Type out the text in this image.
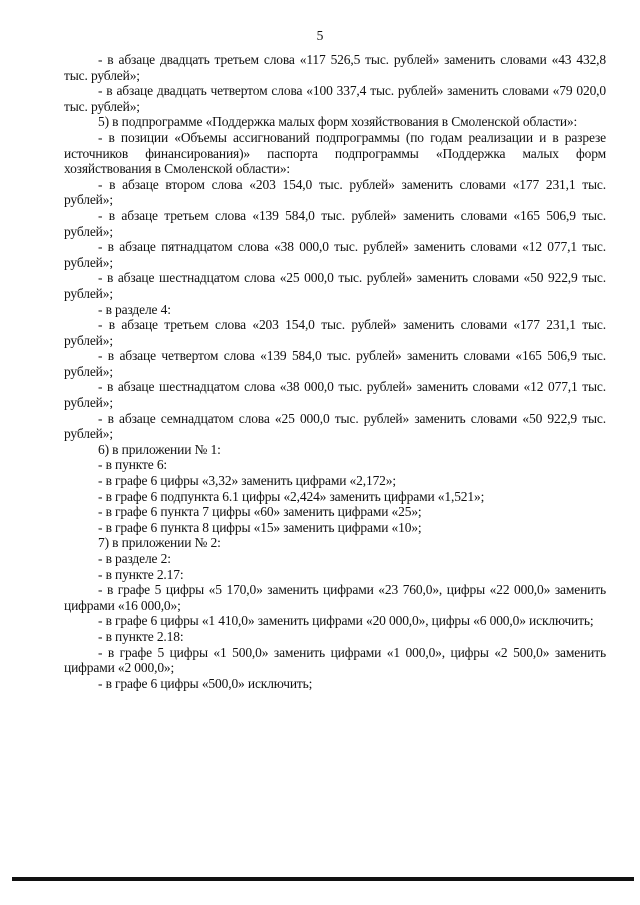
5

- в абзаце двадцать третьем слова «117 526,5 тыс. рублей» заменить словами «43 432,8 тыс. рублей»;

- в абзаце двадцать четвертом слова «100 337,4 тыс. рублей» заменить словами «79 020,0 тыс. рублей»;

5) в подпрограмме «Поддержка малых форм хозяйствования в Смоленской области»:

- в позиции «Объемы ассигнований подпрограммы (по годам реализации и в разрезе источников финансирования)» паспорта подпрограммы «Поддержка малых форм хозяйствования в Смоленской области»:

- в абзаце втором слова «203 154,0 тыс. рублей» заменить словами «177 231,1 тыс. рублей»;

- в абзаце третьем слова «139 584,0 тыс. рублей» заменить словами «165 506,9 тыс. рублей»;

- в абзаце пятнадцатом слова «38 000,0 тыс. рублей» заменить словами «12 077,1 тыс. рублей»;

- в абзаце шестнадцатом слова «25 000,0 тыс. рублей» заменить словами «50 922,9 тыс. рублей»;

- в разделе 4:

- в абзаце третьем слова «203 154,0 тыс. рублей» заменить словами «177 231,1 тыс. рублей»;

- в абзаце четвертом слова «139 584,0 тыс. рублей» заменить словами «165 506,9 тыс. рублей»;

- в абзаце шестнадцатом слова «38 000,0 тыс. рублей» заменить словами «12 077,1 тыс. рублей»;

- в абзаце семнадцатом слова «25 000,0 тыс. рублей» заменить словами «50 922,9 тыс. рублей»;

6) в приложении № 1:

- в пункте 6:

- в графе 6 цифры «3,32» заменить цифрами «2,172»;

- в графе 6 подпункта 6.1 цифры «2,424» заменить цифрами «1,521»;

- в графе 6 пункта 7 цифры «60» заменить цифрами «25»;

- в графе 6 пункта 8 цифры «15» заменить цифрами «10»;

7) в приложении № 2:

- в разделе 2:

- в пункте 2.17:

- в графе 5 цифры «5 170,0» заменить цифрами «23 760,0», цифры «22 000,0» заменить цифрами «16 000,0»;

- в графе 6 цифры «1 410,0» заменить цифрами «20 000,0», цифры «6 000,0» исключить;

- в пункте 2.18:

- в графе 5 цифры «1 500,0» заменить цифрами «1 000,0», цифры «2 500,0» заменить цифрами «2 000,0»;

- в графе 6 цифры «500,0» исключить;
